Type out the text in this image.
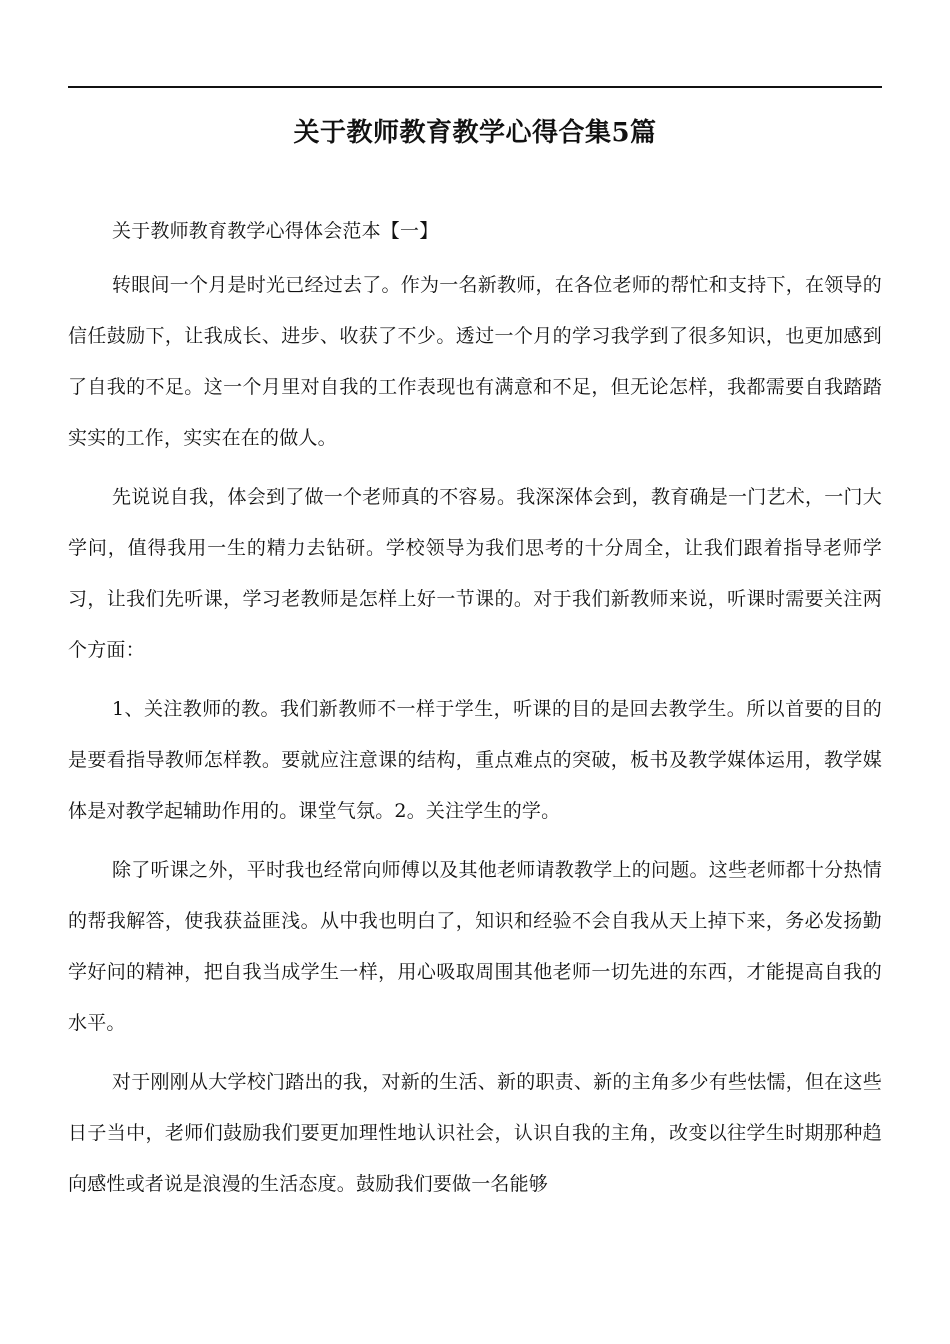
关于教师教育教学心得合集5篇

关于教师教育教学心得体会范本【一】

转眼间一个月是时光已经过去了。作为一名新教师，在各位老师的帮忙和支持下，在领导的信任鼓励下，让我成长、进步、收获了不少。透过一个月的学习我学到了很多知识，也更加感到了自我的不足。这一个月里对自我的工作表现也有满意和不足，但无论怎样，我都需要自我踏踏实实的工作，实实在在的做人。

先说说自我，体会到了做一个老师真的不容易。我深深体会到，教育确是一门艺术，一门大学问，值得我用一生的精力去钻研。学校领导为我们思考的十分周全，让我们跟着指导老师学习，让我们先听课，学习老教师是怎样上好一节课的。对于我们新教师来说，听课时需要关注两个方面：

1、关注教师的教。我们新教师不一样于学生，听课的目的是回去教学生。所以首要的目的是要看指导教师怎样教。要就应注意课的结构，重点难点的突破，板书及教学媒体运用，教学媒体是对教学起辅助作用的。课堂气氛。2。关注学生的学。

除了听课之外，平时我也经常向师傅以及其他老师请教教学上的问题。这些老师都十分热情的帮我解答，使我获益匪浅。从中我也明白了，知识和经验不会自我从天上掉下来，务必发扬勤学好问的精神，把自我当成学生一样，用心吸取周围其他老师一切先进的东西，才能提高自我的水平。

对于刚刚从大学校门踏出的我，对新的生活、新的职责、新的主角多少有些怯懦，但在这些日子当中，老师们鼓励我们要更加理性地认识社会，认识自我的主角，改变以往学生时期那种趋向感性或者说是浪漫的生活态度。鼓励我们要做一名能够
